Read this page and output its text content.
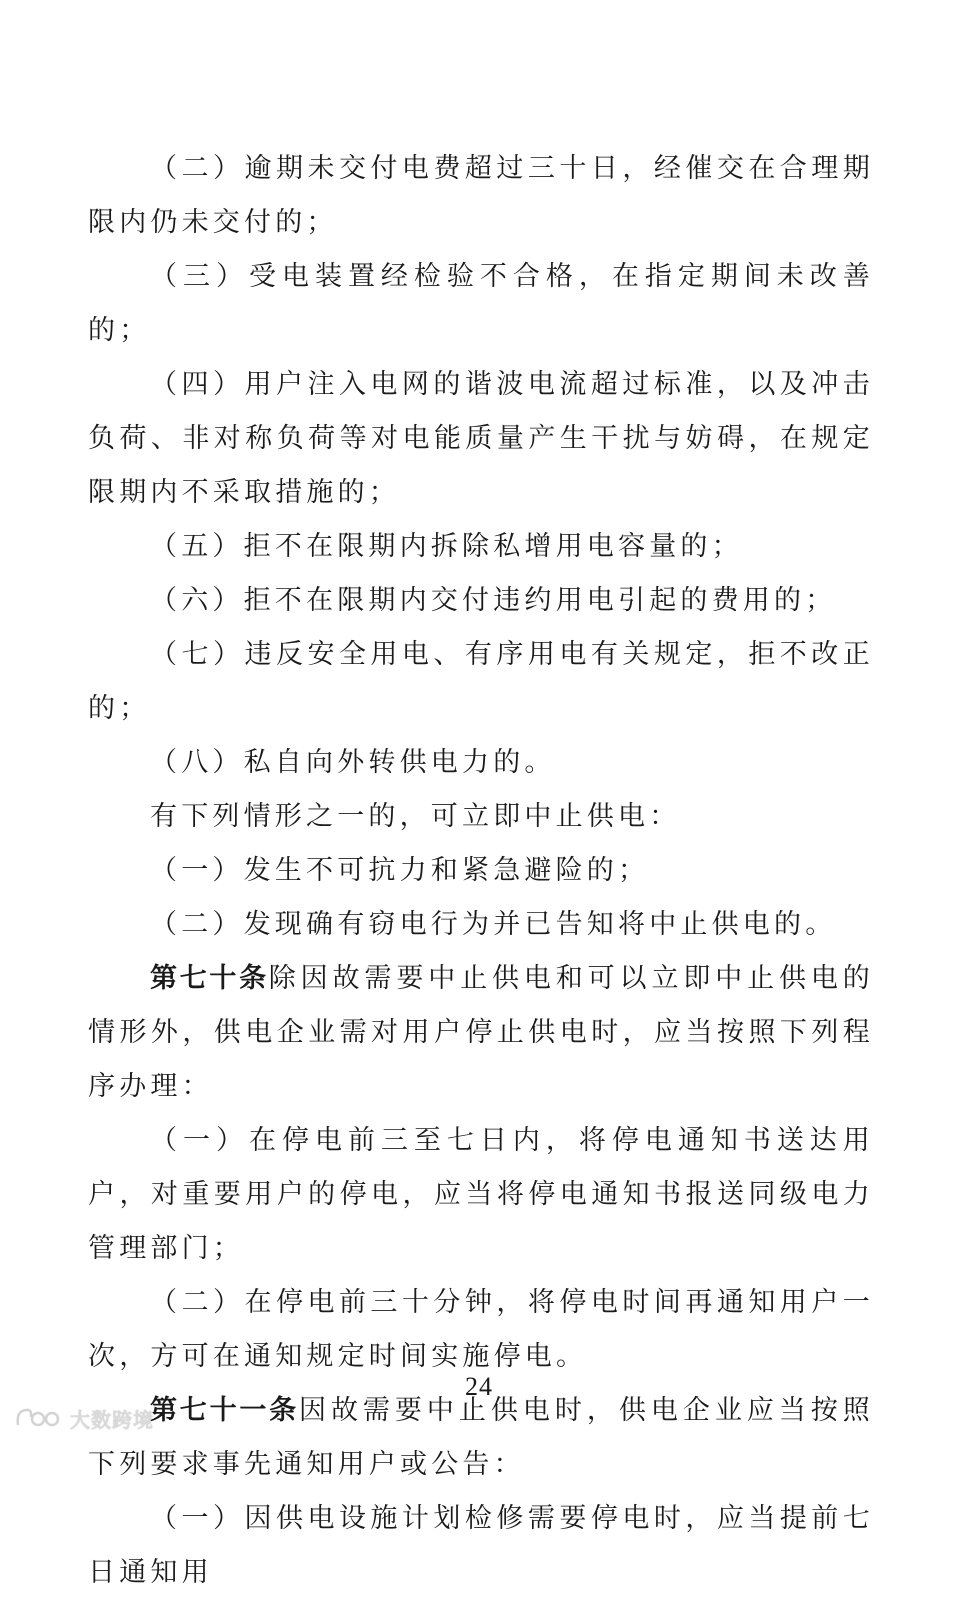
（二）逾期未交付电费超过三十日，经催交在合理期限内仍未交付的；

（三）受电装置经检验不合格，在指定期间未改善的；

（四）用户注入电网的谐波电流超过标准，以及冲击负荷、非对称负荷等对电能质量产生干扰与妨碍，在规定限期内不采取措施的；

（五）拒不在限期内拆除私增用电容量的；

（六）拒不在限期内交付违约用电引起的费用的；

（七）违反安全用电、有序用电有关规定，拒不改正的；

（八）私自向外转供电力的。

有下列情形之一的，可立即中止供电：

（一）发生不可抗力和紧急避险的；

（二）发现确有窃电行为并已告知将中止供电的。

第七十条除因故需要中止供电和可以立即中止供电的情形外，供电企业需对用户停止供电时，应当按照下列程序办理：

（一）在停电前三至七日内，将停电通知书送达用户，对重要用户的停电，应当将停电通知书报送同级电力管理部门；

（二）在停电前三十分钟，将停电时间再通知用户一次，方可在通知规定时间实施停电。

第七十一条因故需要中止供电时，供电企业应当按照下列要求事先通知用户或公告：

（一）因供电设施计划检修需要停电时，应当提前七日通知用

24
大数跨境
